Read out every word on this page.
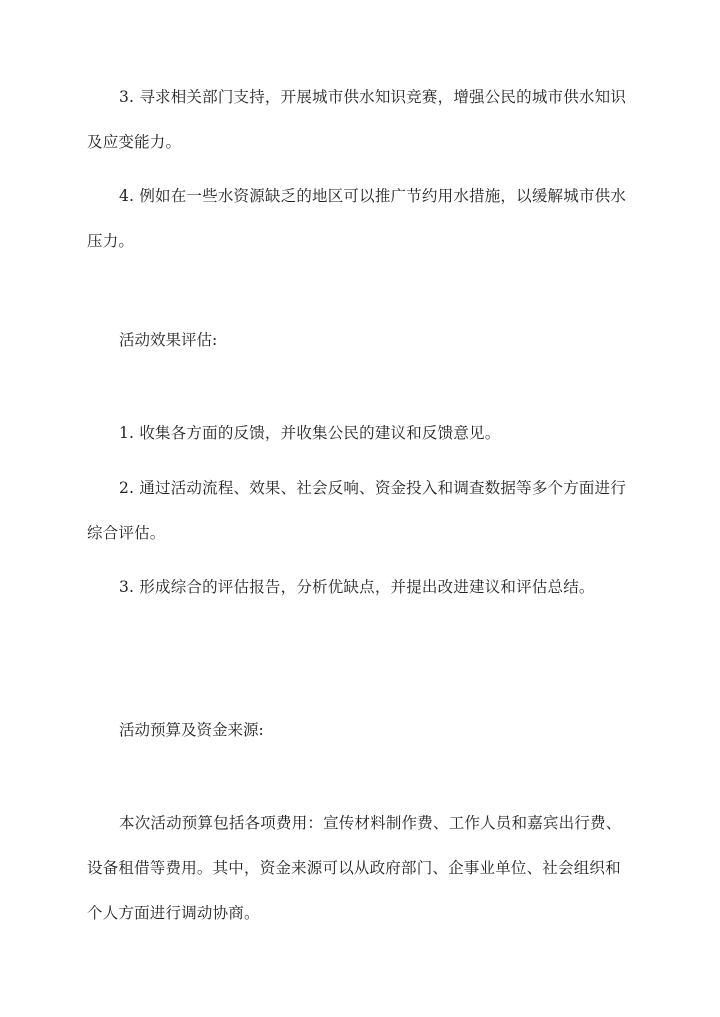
3. 寻求相关部门支持，开展城市供水知识竞赛，增强公民的城市供水知识及应变能力。

4. 例如在一些水资源缺乏的地区可以推广节约用水措施，以缓解城市供水压力。

活动效果评估:

1. 收集各方面的反馈，并收集公民的建议和反馈意见。

2. 通过活动流程、效果、社会反响、资金投入和调查数据等多个方面进行综合评估。

3. 形成综合的评估报告，分析优缺点，并提出改进建议和评估总结。

活动预算及资金来源:

本次活动预算包括各项费用：宣传材料制作费、工作人员和嘉宾出行费、设备租借等费用。其中，资金来源可以从政府部门、企事业单位、社会组织和个人方面进行调动协商。
